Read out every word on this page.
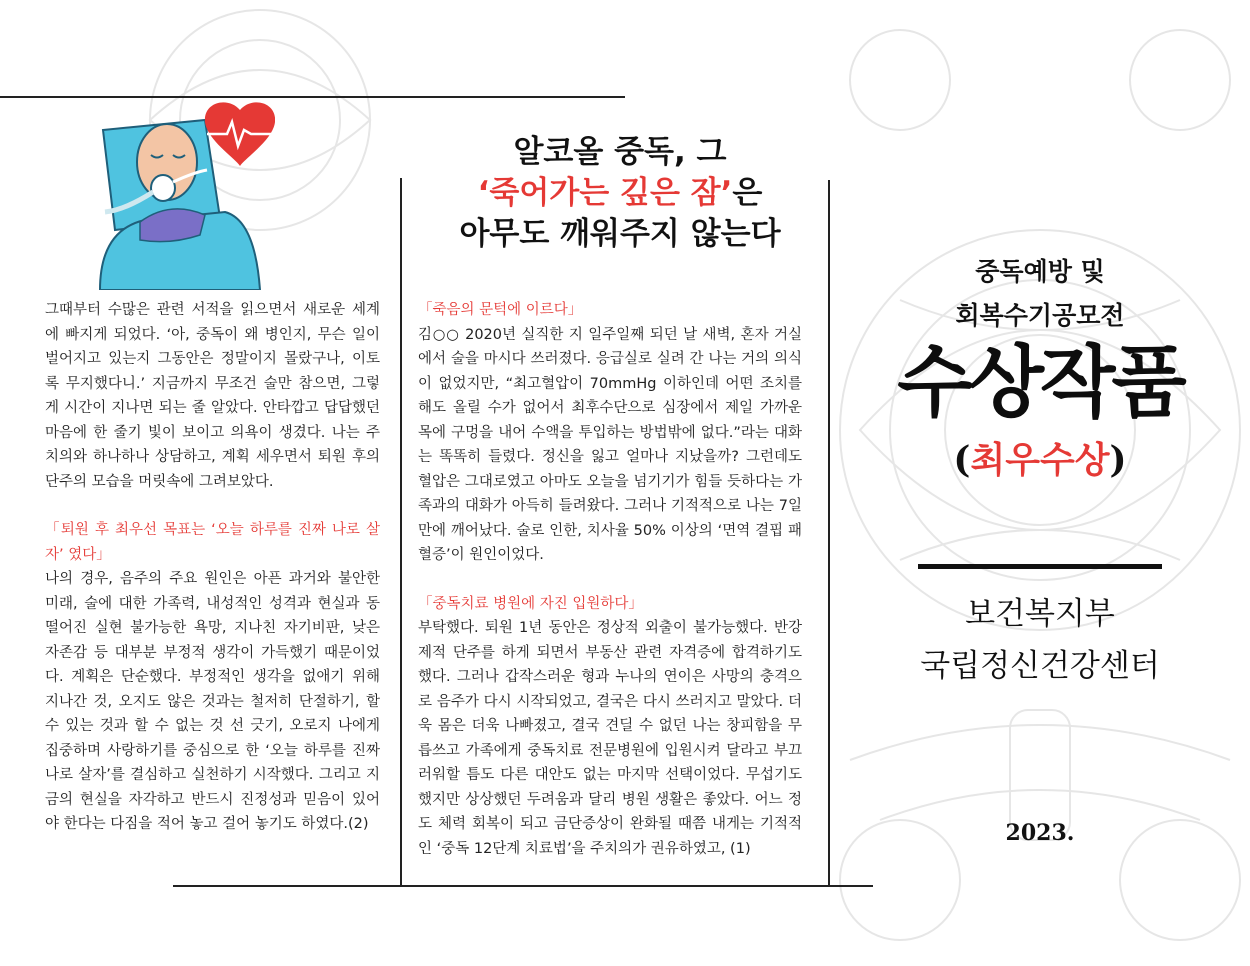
알코올 중독, 그
‘죽어가는 깊은 잠’은
아무도 깨워주지 않는다

그때부터 수많은 관련 서적을 읽으면서 새로운 세계에 빠지게 되었다. ‘아, 중독이 왜 병인지, 무슨 일이 벌어지고 있는지 그동안은 정말이지 몰랐구나, 이토록 무지했다니.’ 지금까지 무조건 술만 참으면, 그렇게 시간이 지나면 되는 줄 알았다. 안타깝고 답답했던 마음에 한 줄기 빛이 보이고 의욕이 생겼다. 나는 주치의와 하나하나 상담하고, 계획 세우면서 퇴원 후의 단주의 모습을 머릿속에 그려보았다.

「퇴원 후 최우선 목표는 ‘오늘 하루를 진짜 나로 살자’ 였다」

나의 경우, 음주의 주요 원인은 아픈 과거와 불안한 미래, 술에 대한 가족력, 내성적인 성격과 현실과 동떨어진 실현 불가능한 욕망, 지나친 자기비판, 낮은 자존감 등 대부분 부정적 생각이 가득했기 때문이었다. 계획은 단순했다. 부정적인 생각을 없애기 위해 지나간 것, 오지도 않은 것과는 철저히 단절하기, 할 수 있는 것과 할 수 없는 것 선 긋기, 오로지 나에게 집중하며 사랑하기를 중심으로 한 ‘오늘 하루를 진짜 나로 살자’를 결심하고 실천하기 시작했다. 그리고 지금의 현실을 자각하고 반드시 진정성과 믿음이 있어야 한다는 다짐을 적어 놓고 걸어 놓기도 하였다.(2)

「죽음의 문턱에 이르다」

김○○ 2020년 실직한 지 일주일째 되던 날 새벽, 혼자 거실에서 술을 마시다 쓰러졌다. 응급실로 실려 간 나는 거의 의식이 없었지만, “최고혈압이 70mmHg 이하인데 어떤 조치를 해도 올릴 수가 없어서 최후수단으로 심장에서 제일 가까운 목에 구멍을 내어 수액을 투입하는 방법밖에 없다.”라는 대화는 똑똑히 들렸다. 정신을 잃고 얼마나 지났을까? 그런데도 혈압은 그대로였고 아마도 오늘을 넘기기가 힘들 듯하다는 가족과의 대화가 아득히 들려왔다. 그러나 기적적으로 나는 7일 만에 깨어났다. 술로 인한, 치사율 50% 이상의 ‘면역 결핍 패혈증’이 원인이었다.

「중독치료 병원에 자진 입원하다」

부탁했다. 퇴원 1년 동안은 정상적 외출이 불가능했다. 반강제적 단주를 하게 되면서 부동산 관련 자격증에 합격하기도 했다. 그러나 갑작스러운 형과 누나의 연이은 사망의 충격으로 음주가 다시 시작되었고, 결국은 다시 쓰러지고 말았다. 더욱 몸은 더욱 나빠졌고, 결국 견딜 수 없던 나는 창피함을 무릅쓰고 가족에게 중독치료 전문병원에 입원시켜 달라고 부끄러워할 틈도 다른 대안도 없는 마지막 선택이었다. 무섭기도 했지만 상상했던 두려움과 달리 병원 생활은 좋았다. 어느 정도 체력 회복이 되고 금단증상이 완화될 때쯤 내게는 기적적인 ‘중독 12단계 치료법’을 주치의가 권유하였고, (1)

중독예방 및
회복수기공모전
수상작품
(최우수상)
보건복지부
국립정신건강센터
2023.
